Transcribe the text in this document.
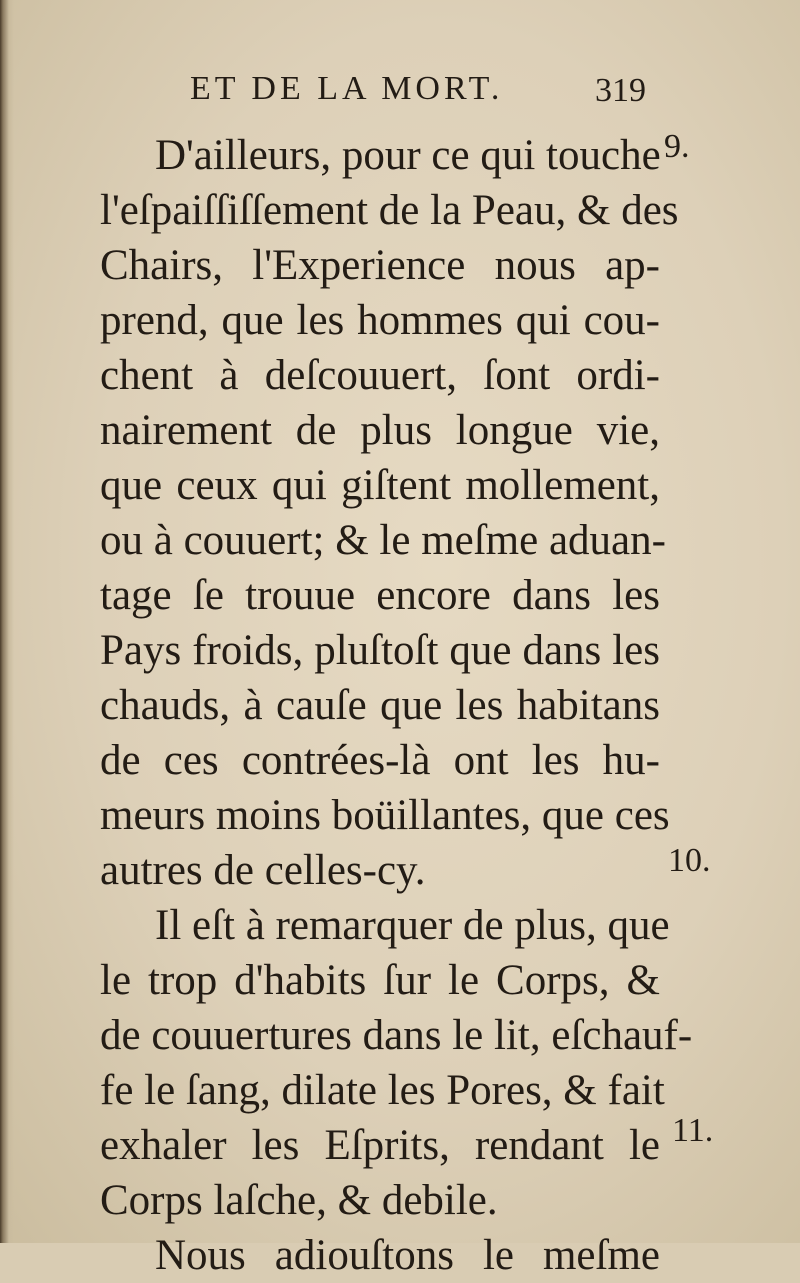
ET DE LA MORT.	319
D'ailleurs, pour ce qui touche
l'eſpaiſſiſſement de la Peau, & des
Chairs, l'Experience nous ap-
prend, que les hommes qui cou-
chent à deſcouuert, ſont ordi-
nairement de plus longue vie,
que ceux qui giſtent mollement,
ou à couuert; & le meſme aduan-
tage ſe trouue encore dans les
Pays froids, pluſtoſt que dans les
chauds, à cauſe que les habitans
de ces contrées-là ont les hu-
meurs moins boüillantes, que ces
autres de celles-cy.
Il eſt à remarquer de plus, que
le trop d'habits ſur le Corps, &
de couuertures dans le lit, eſchauf-
fe le ſang, dilate les Pores, & fait
exhaler les Eſprits, rendant le
Corps laſche, & debile.
Nous adiouſtons le meſme
9.
10.
11.
